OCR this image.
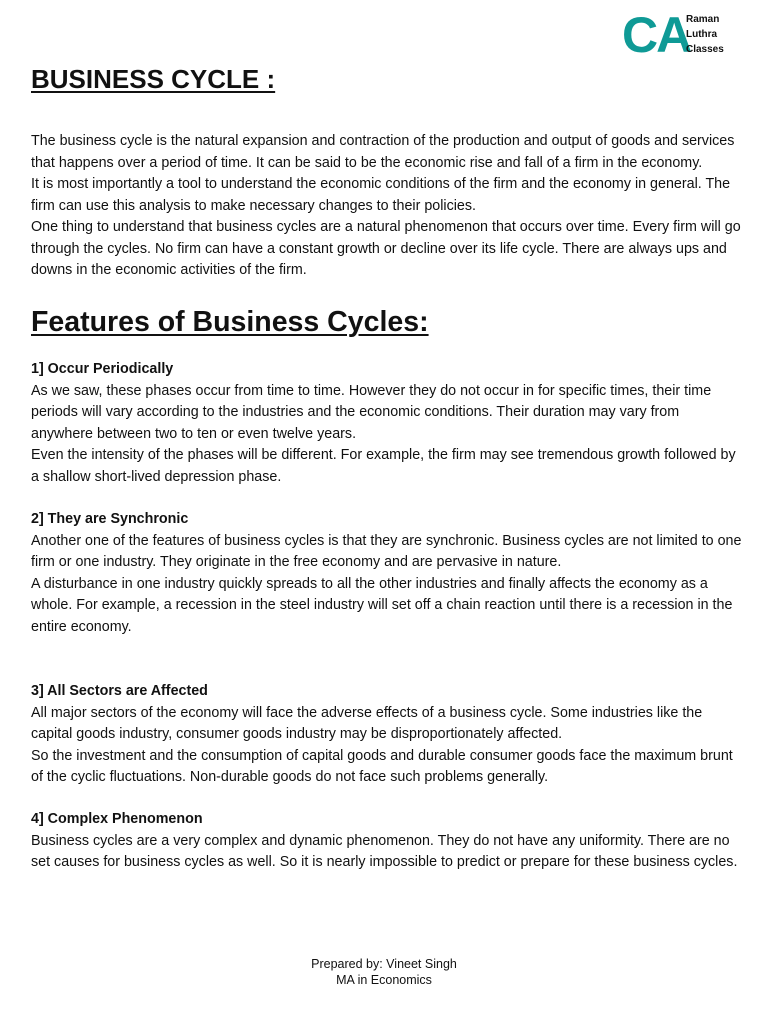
CA
Raman
Luthra
Classes
BUSINESS CYCLE :

The business cycle is the natural expansion and contraction of the production and output of goods and services that happens over a period of time. It can be said to be the economic rise and fall of a firm in the economy.

It is most importantly a tool to understand the economic conditions of the firm and the economy in general. The firm can use this analysis to make necessary changes to their policies.

One thing to understand that business cycles are a natural phenomenon that occurs over time. Every firm will go through the cycles. No firm can have a constant growth or decline over its life cycle. There are always ups and downs in the economic activities of the firm.

Features of Business Cycles:
1] Occur Periodically

As we saw, these phases occur from time to time. However they do not occur in for specific times, their time periods will vary according to the industries and the economic conditions. Their duration may vary from anywhere between two to ten or even twelve years.

Even the intensity of the phases will be different. For example, the firm may see tremendous growth followed by a shallow short-lived depression phase.

2] They are Synchronic

Another one of the features of business cycles is that they are synchronic. Business cycles are not limited to one firm or one industry. They originate in the free economy and are pervasive in nature.

A disturbance in one industry quickly spreads to all the other industries and finally affects the economy as a whole. For example, a recession in the steel industry will set off a chain reaction until there is a recession in the entire economy.

3] All Sectors are Affected

All major sectors of the economy will face the adverse effects of a business cycle. Some industries like the capital goods industry, consumer goods industry may be disproportionately affected.

So the investment and the consumption of capital goods and durable consumer goods face the maximum brunt of the cyclic fluctuations. Non-durable goods do not face such problems generally.

4] Complex Phenomenon

Business cycles are a very complex and dynamic phenomenon. They do not have any uniformity. There are no set causes for business cycles as well. So it is nearly impossible to predict or prepare for these business cycles.

Prepared by: Vineet Singh
MA in Economics
